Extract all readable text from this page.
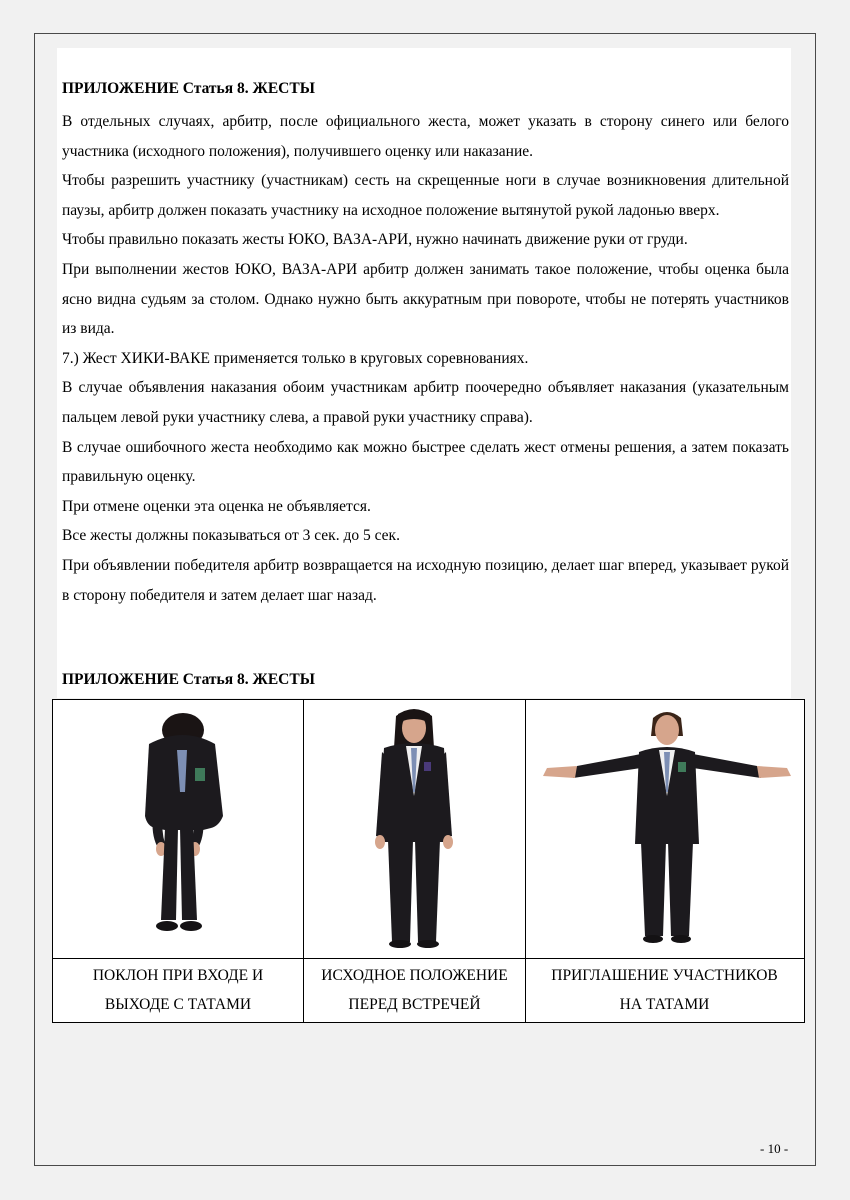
ПРИЛОЖЕНИЕ Статья 8. ЖЕСТЫ

В отдельных случаях, арбитр, после официального жеста, может указать в сторону синего или белого участника (исходного положения), получившего оценку или наказание.

Чтобы разрешить участнику (участникам) сесть на скрещенные ноги в случае возникновения длительной паузы, арбитр должен показать участнику на исходное положение вытянутой рукой ладонью вверх.

Чтобы правильно показать жесты ЮКО, ВАЗА-АРИ, нужно начинать движение руки от груди.

При выполнении жестов ЮКО, ВАЗА-АРИ арбитр должен занимать такое положение, чтобы оценка была ясно видна судьям за столом. Однако нужно быть аккуратным при повороте, чтобы не потерять участников из вида.

7.) Жест ХИКИ-ВАКЕ применяется только в круговых соревнованиях.

В случае объявления наказания обоим участникам арбитр поочередно объявляет наказания (указательным пальцем левой руки участнику слева, а правой руки участнику справа).

В случае ошибочного жеста необходимо как можно быстрее сделать жест отмены решения, а затем показать правильную оценку.

При отмене оценки эта оценка не объявляется.

Все жесты должны показываться от 3 сек. до 5 сек.

При объявлении победителя арбитр возвращается на исходную позицию, делает шаг вперед, указывает рукой в сторону победителя и затем делает шаг назад.

ПРИЛОЖЕНИЕ Статья 8. ЖЕСТЫ
ПОКЛОН ПРИ ВХОДЕ И
ВЫХОДЕ С ТАТАМИ
ИСХОДНОЕ ПОЛОЖЕНИЕ
ПЕРЕД ВСТРЕЧЕЙ
ПРИГЛАШЕНИЕ УЧАСТНИКОВ
НА ТАТАМИ
- 10 -
